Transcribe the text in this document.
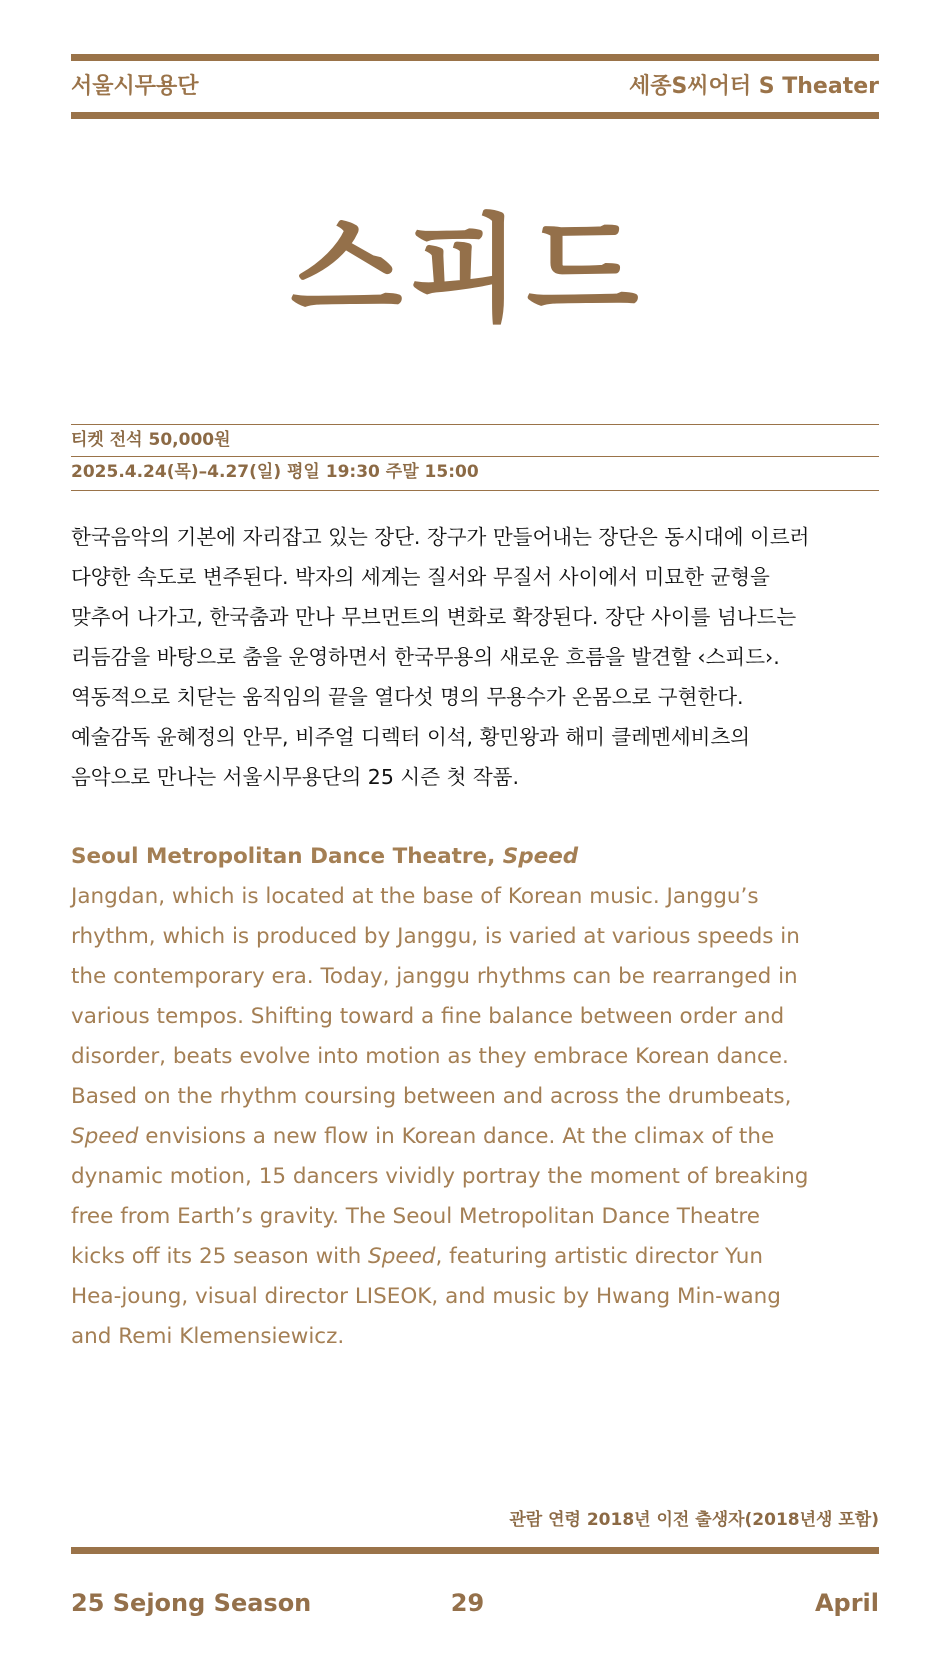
서울시무용단	세종S씨어터 S Theater
스피드
티켓 전석 50,000원
2025.4.24(목)–4.27(일) 평일 19:30 주말 15:00
한국음악의 기본에 자리잡고 있는 장단. 장구가 만들어내는 장단은 동시대에 이르러
다양한 속도로 변주된다. 박자의 세계는 질서와 무질서 사이에서 미묘한 균형을
맞추어 나가고, 한국춤과 만나 무브먼트의 변화로 확장된다. 장단 사이를 넘나드는
리듬감을 바탕으로 춤을 운영하면서 한국무용의 새로운 흐름을 발견할 ‹스피드›.
역동적으로 치닫는 움직임의 끝을 열다섯 명의 무용수가 온몸으로 구현한다.
예술감독 윤혜정의 안무, 비주얼 디렉터 이석, 황민왕과 해미 클레멘세비츠의
음악으로 만나는 서울시무용단의 25 시즌 첫 작품.
Seoul Metropolitan Dance Theatre, Speed
Jangdan, which is located at the base of Korean music. Janggu’s
rhythm, which is produced by Janggu, is varied at various speeds in
the contemporary era. Today, janggu rhythms can be rearranged in
various tempos. Shifting toward a fine balance between order and
disorder, beats evolve into motion as they embrace Korean dance.
Based on the rhythm coursing between and across the drumbeats,
Speed envisions a new flow in Korean dance. At the climax of the
dynamic motion, 15 dancers vividly portray the moment of breaking
free from Earth’s gravity. The Seoul Metropolitan Dance Theatre
kicks off its 25 season with Speed, featuring artistic director Yun
Hea-joung, visual director LISEOK, and music by Hwang Min-wang
and Remi Klemensiewicz.
관람 연령 2018년 이전 출생자(2018년생 포함)
25 Sejong Season	29	April
